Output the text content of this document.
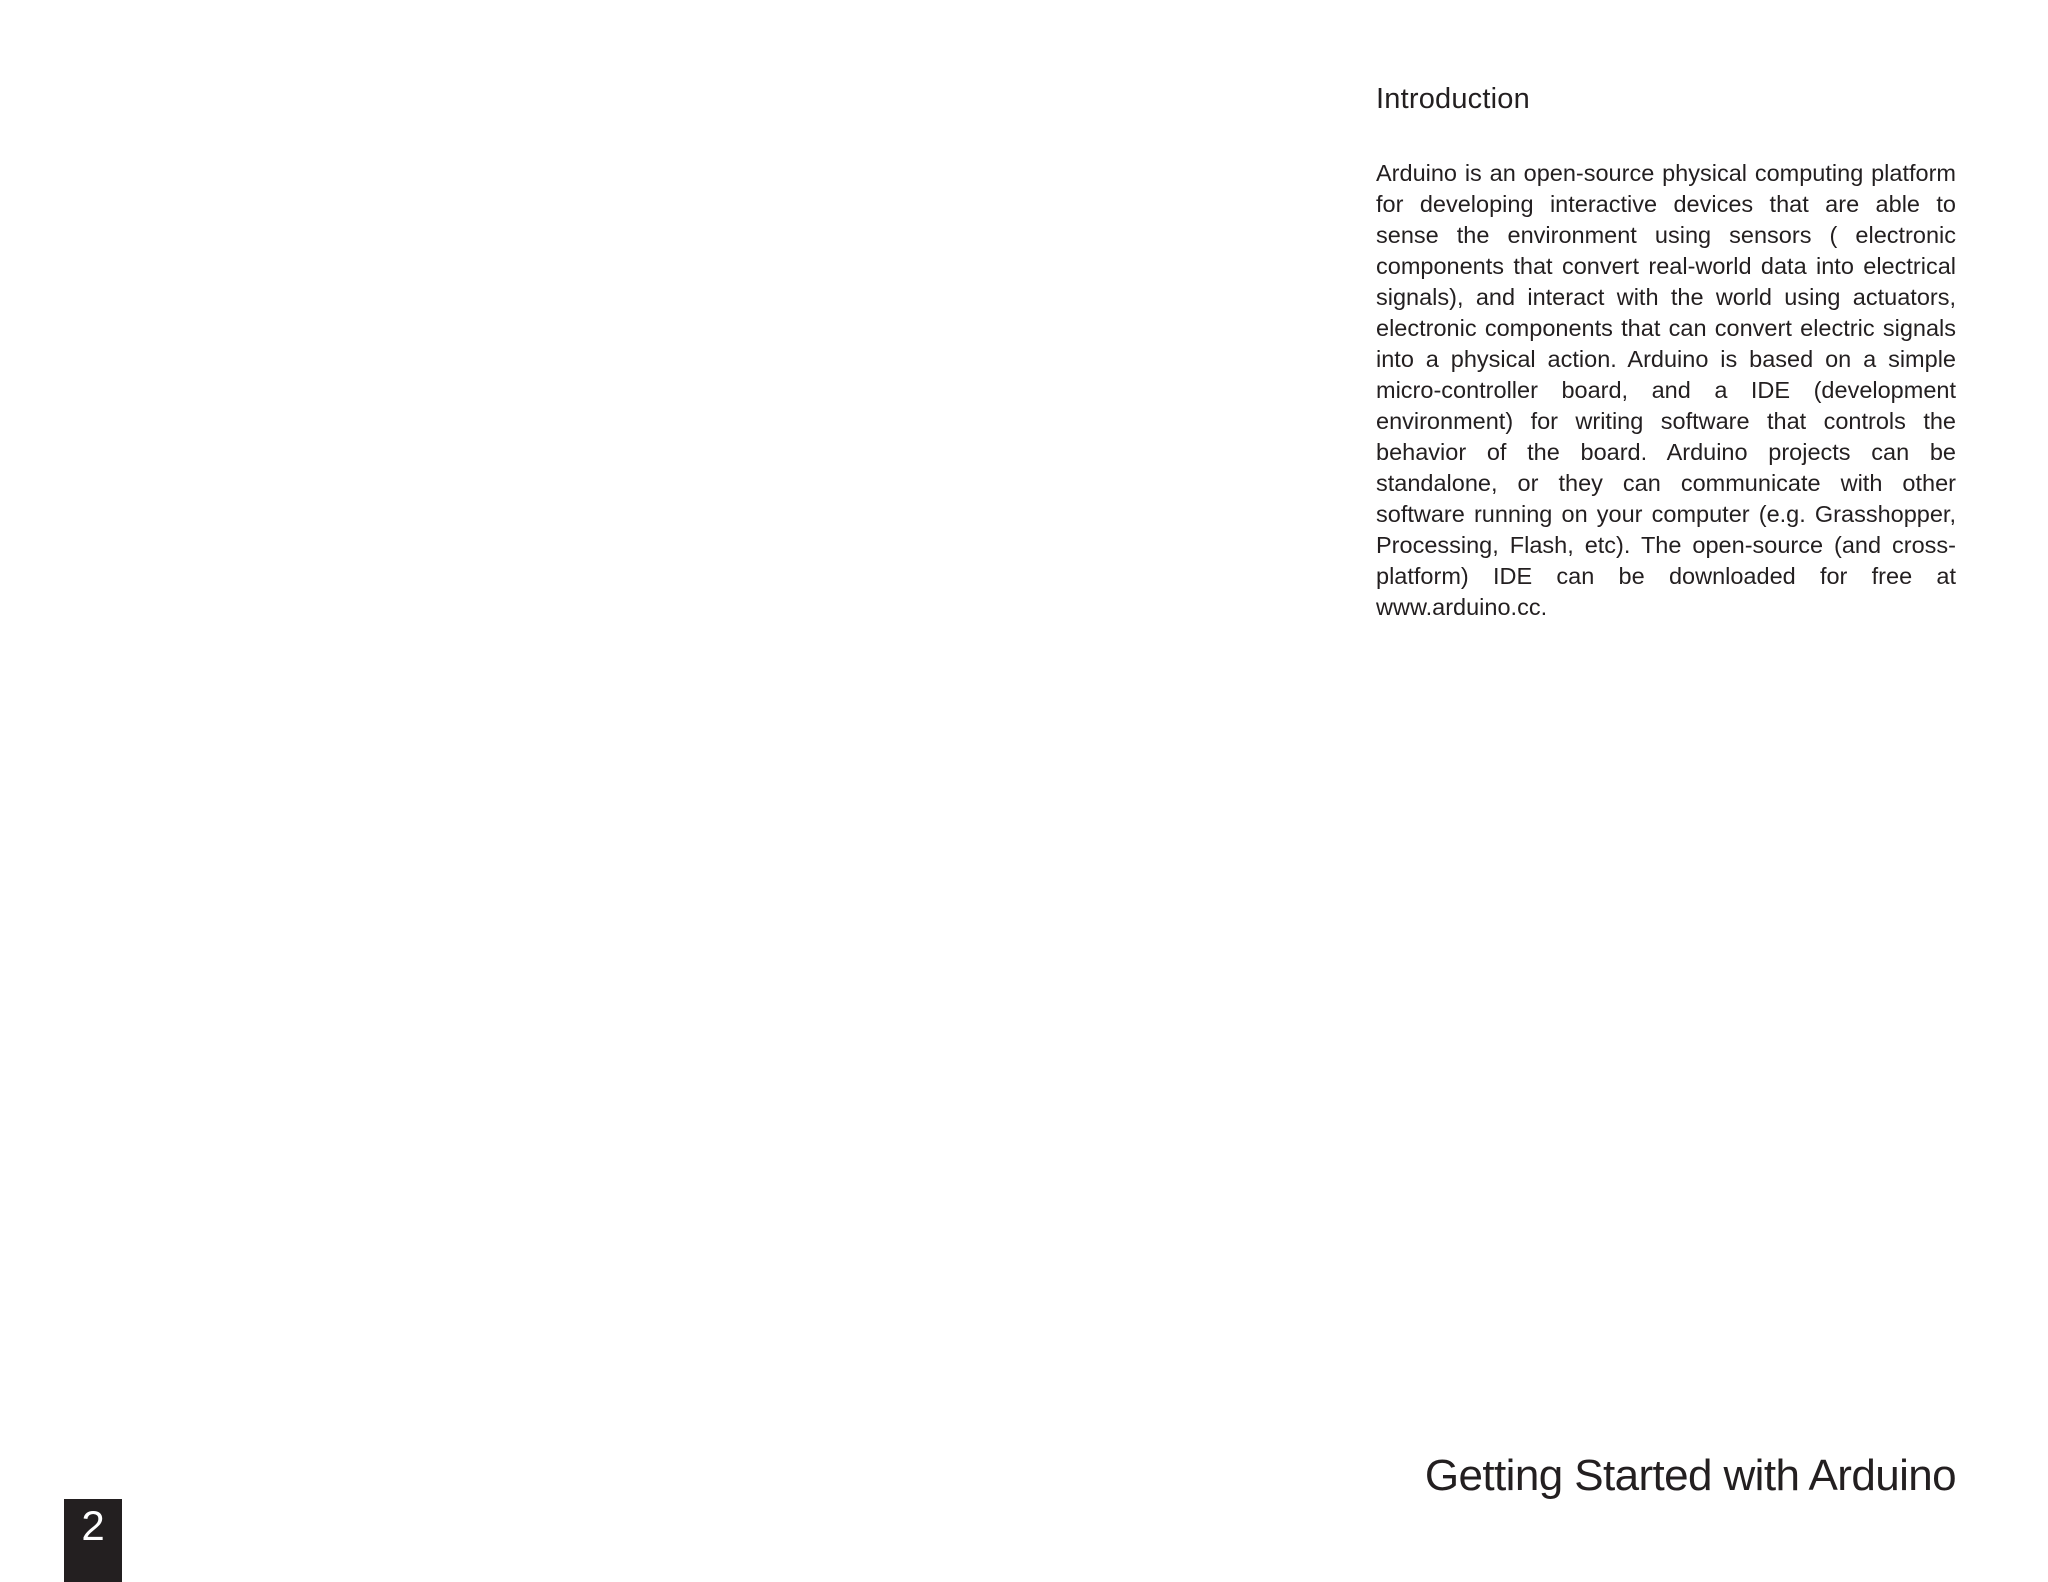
Introduction

Arduino is an open-source physical computing platform for developing interactive devices that are able to sense the environment using sensors ( electronic components that convert real-world data into electrical signals), and interact with the world using actuators, electronic components that can convert electric signals into a physical action. Arduino is based on a simple micro-controller board, and a IDE (development environment) for writing software that controls the behavior of the board. Arduino projects can be standalone, or they can communicate with other software running on your computer (e.g. Grasshopper, Processing, Flash, etc). The open-source (and cross-platform) IDE can be downloaded for free at www.arduino.cc.

Getting Started with Arduino
2
